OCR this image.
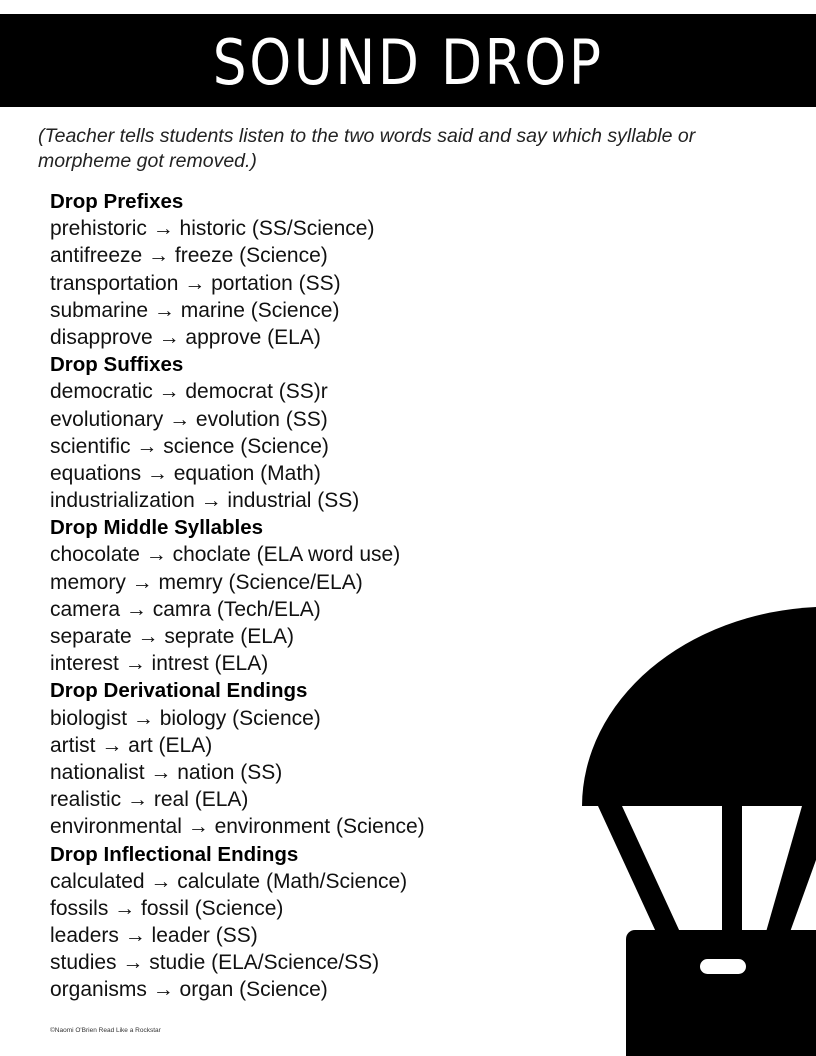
SOUND DROP
(Teacher tells students listen to the two words said and say which syllable or morpheme got removed.)
Drop Prefixes
prehistoric → historic (SS/Science)
antifreeze → freeze (Science)
transportation → portation (SS)
submarine → marine (Science)
disapprove → approve (ELA)
Drop Suffixes
democratic → democrat (SS)r
evolutionary → evolution (SS)
scientific → science (Science)
equations → equation (Math)
industrialization → industrial (SS)
Drop Middle Syllables
chocolate → choclate (ELA word use)
memory → memry (Science/ELA)
camera → camra (Tech/ELA)
separate → seprate (ELA)
interest → intrest (ELA)
Drop Derivational Endings
biologist → biology (Science)
artist → art (ELA)
nationalist → nation (SS)
realistic → real (ELA)
environmental → environment (Science)
Drop Inflectional Endings
calculated → calculate (Math/Science)
fossils → fossil (Science)
leaders → leader (SS)
studies → studie (ELA/Science/SS)
organisms → organ (Science)
©Naomi O'Brien Read Like a Rockstar
